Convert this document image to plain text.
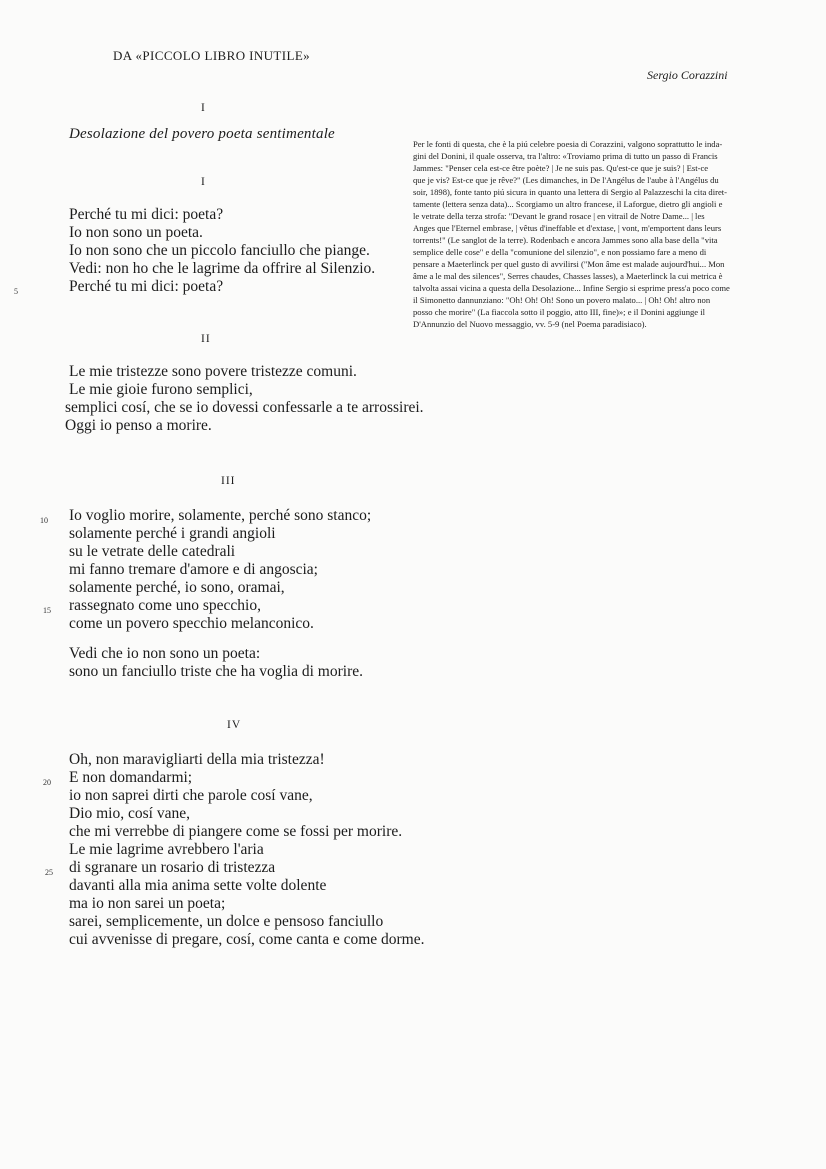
DA «PICCOLO LIBRO INUTILE»
Sergio Corazzini
I
Desolazione del povero poeta sentimentale
I
Perché tu mi dici: poeta?
Io non sono un poeta.
Io non sono che un piccolo fanciullo che piange.
Vedi: non ho che le lagrime da offrire al Silenzio.
Perché tu mi dici: poeta?
5
II
Le mie tristezze sono povere tristezze comuni.
Le mie gioie furono semplici,
semplici cosí, che se io dovessi confessarle a te arrossirei.
Oggi io penso a morire.
III
Io voglio morire, solamente, perché sono stanco;
10
solamente perché i grandi angioli
su le vetrate delle catedrali
mi fanno tremare d'amore e di angoscia;
solamente perché, io sono, oramai,
rassegnato come uno specchio,
15
come un povero specchio melanconico.
Vedi che io non sono un poeta:
sono un fanciullo triste che ha voglia di morire.
IV
Oh, non maravigliarti della mia tristezza!
E non domandarmi;
20
io non saprei dirti che parole cosí vane,
Dio mio, cosí vane,
che mi verrebbe di piangere come se fossi per morire.
Le mie lagrime avrebbero l'aria
di sgranare un rosario di tristezza
25
davanti alla mia anima sette volte dolente
ma io non sarei un poeta;
sarei, semplicemente, un dolce e pensoso fanciullo
cui avvenisse di pregare, cosí, come canta e come dorme.
Per le fonti di questa, che è la piú celebre poesia di Corazzini, valgono soprattutto le inda-
gini del Donini, il quale osserva, tra l'altro: «Troviamo prima di tutto un passo di Francis
Jammes: "Penser cela est-ce être poète? | Je ne suis pas. Qu'est-ce que je suis? | Est-ce
que je vis? Est-ce que je rêve?" (Les dimanches, in De l'Angélus de l'aube à l'Angélus du
soir, 1898), fonte tanto piú sicura in quanto una lettera di Sergio al Palazzeschi la cita diret-
tamente (lettera senza data)... Scorgiamo un altro francese, il Laforgue, dietro gli angioli e
le vetrate della terza strofa: "Devant le grand rosace | en vitrail de Notre Dame... | les
Anges que l'Eternel embrase, | vêtus d'ineffable et d'extase, | vont, m'emportent dans leurs
torrents!" (Le sanglot de la terre). Rodenbach e ancora Jammes sono alla base della "vita
semplice delle cose" e della "comunione del silenzio", e non possiamo fare a meno di
pensare a Maeterlinck per quel gusto di avvilirsi ("Mon âme est malade aujourd'hui... Mon
âme a le mal des silences", Serres chaudes, Chasses lasses), a Maeterlinck la cui metrica è
talvolta assai vicina a questa della Desolazione... Infine Sergio si esprime press'a poco come
il Simonetto dannunziano: "Oh! Oh! Oh! Sono un povero malato... | Oh! Oh! altro non
posso che morire" (La fiaccola sotto il poggio, atto III, fine)»; e il Donini aggiunge il
D'Annunzio del Nuovo messaggio, vv. 5-9 (nel Poema paradisiaco).
